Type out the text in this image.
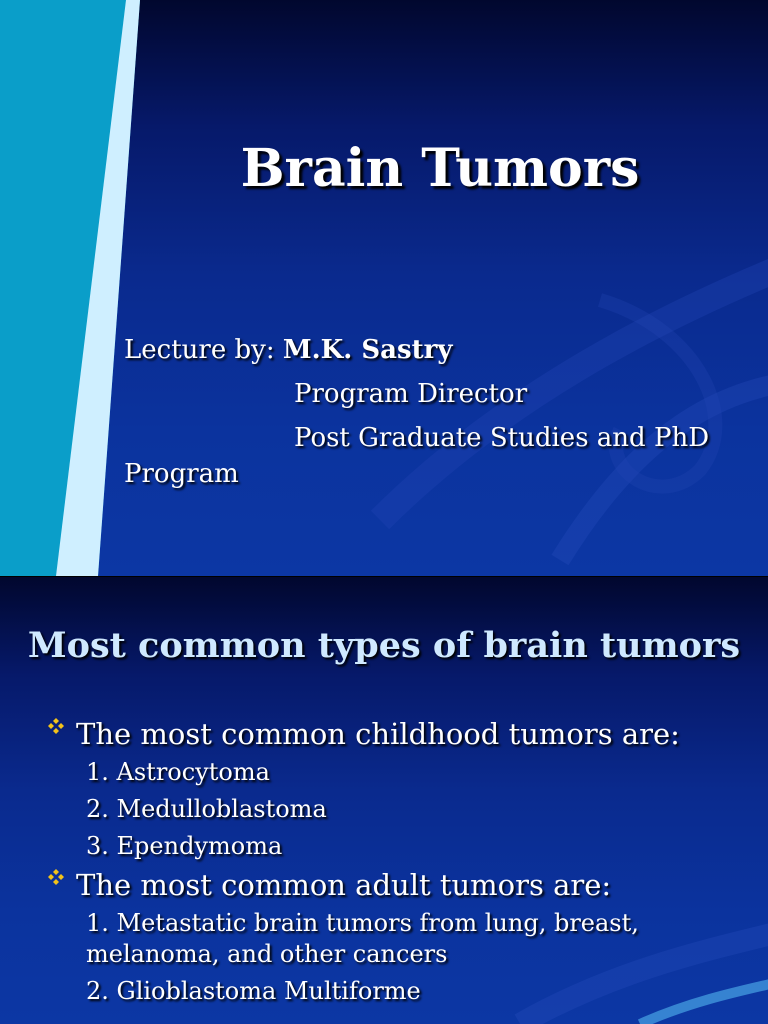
Brain Tumors
Lecture by: M.K. Sastry
Program Director
Post Graduate Studies and PhD
Program
Most common types of brain tumors
The most common childhood tumors are:
1. Astrocytoma
2. Medulloblastoma
3. Ependymoma
The most common adult tumors are:
1. Metastatic brain tumors from lung, breast, melanoma, and other cancers
2. Glioblastoma Multiforme
